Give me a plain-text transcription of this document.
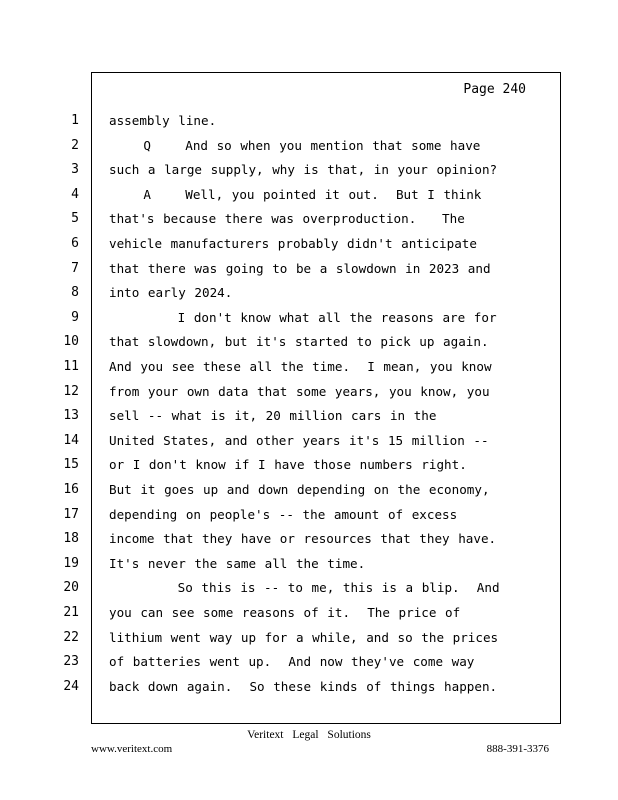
Page 240
1 assembly line.
2 Q    And so when you mention that some have
3 such a large supply, why is that, in your opinion?
4 A    Well, you pointed it out.  But I think
5 that's because there was overproduction.   The
6 vehicle manufacturers probably didn't anticipate
7 that there was going to be a slowdown in 2023 and
8 into early 2024.
9 I don't know what all the reasons are for
10 that slowdown, but it's started to pick up again.
11 And you see these all the time.  I mean, you know
12 from your own data that some years, you know, you
13 sell -- what is it, 20 million cars in the
14 United States, and other years it's 15 million --
15 or I don't know if I have those numbers right.
16 But it goes up and down depending on the economy,
17 depending on people's -- the amount of excess
18 income that they have or resources that they have.
19 It's never the same all the time.
20 So this is -- to me, this is a blip.  And
21 you can see some reasons of it.  The price of
22 lithium went way up for a while, and so the prices
23 of batteries went up.  And now they've come way
24 back down again.  So these kinds of things happen.
Veritext Legal Solutions
www.veritext.com	888-391-3376
